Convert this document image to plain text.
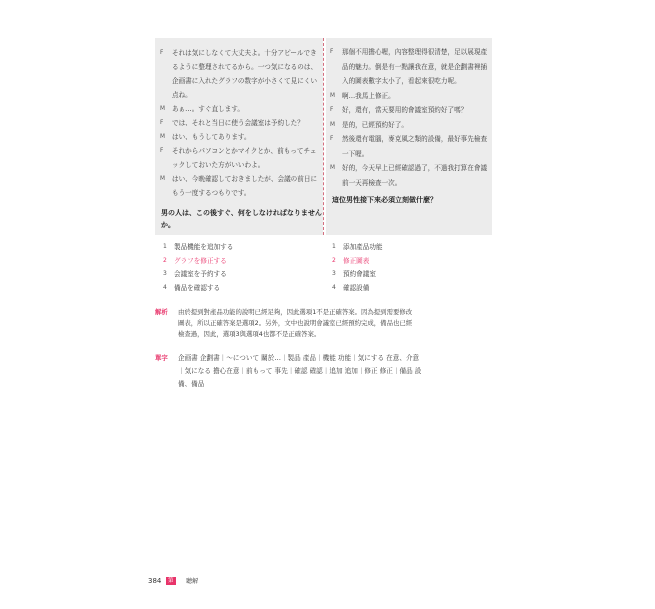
F それは気にしなくて大丈夫よ。十分アピールでき
るように整理されてるから。一つ気になるのは、
企画書に入れたグラフの数字が小さくて見にくい
点ね。
M あぁ…。すぐ直します。
F では、それと当日に使う会議室は予約した？
M はい、もうしてあります。
F それからパソコンとかマイクとか、前もってチェ
ックしておいた方がいいわよ。
M はい、今晩確認しておきましたが、会議の前日に
もう一度するつもりです。
男の人は、この後すぐ、何をしなければなりません
か。
F 那個不用擔心喔，內容整理得很清楚，足以展現產
品的魅力。倒是有一點讓我在意，就是企劃書裡插
入的圖表數字太小了，看起來很吃力呢。
M 啊…我馬上修正。
F 好，還有，當天要用的會議室預約好了嗎？
M 是的，已經預約好了。
F 然後還有電腦，麥克風之類的設備，最好事先檢查
一下喔。
M 好的，今天早上已經確認過了，不過我打算在會議
前一天再檢查一次。
這位男性接下來必須立刻做什麼？
1 製品機能を追加する
2 グラフを修正する
3 会議室を予約する
4 備品を確認する
1 添加產品功能
2 修正圖表
3 預約會議室
4 確認設備
解析 由於提到對產品功能的說明已經足夠，因此選項1不是正確答案。因為提到需要修改
圖表，所以正確答案是選項2。另外，文中也說明會議室已經預約完成，備品也已經
檢查過，因此，選項3與選項4也都不是正確答案。
單字 企画書 企劃書｜～について 關於…｜製品 產品｜機能 功能｜気にする 在意、介意
｜気になる 擔心在意｜前もって 事先｜確認 確認｜追加 追加｜修正 修正｜備品 設
備、備品
384	第二回
聽解
